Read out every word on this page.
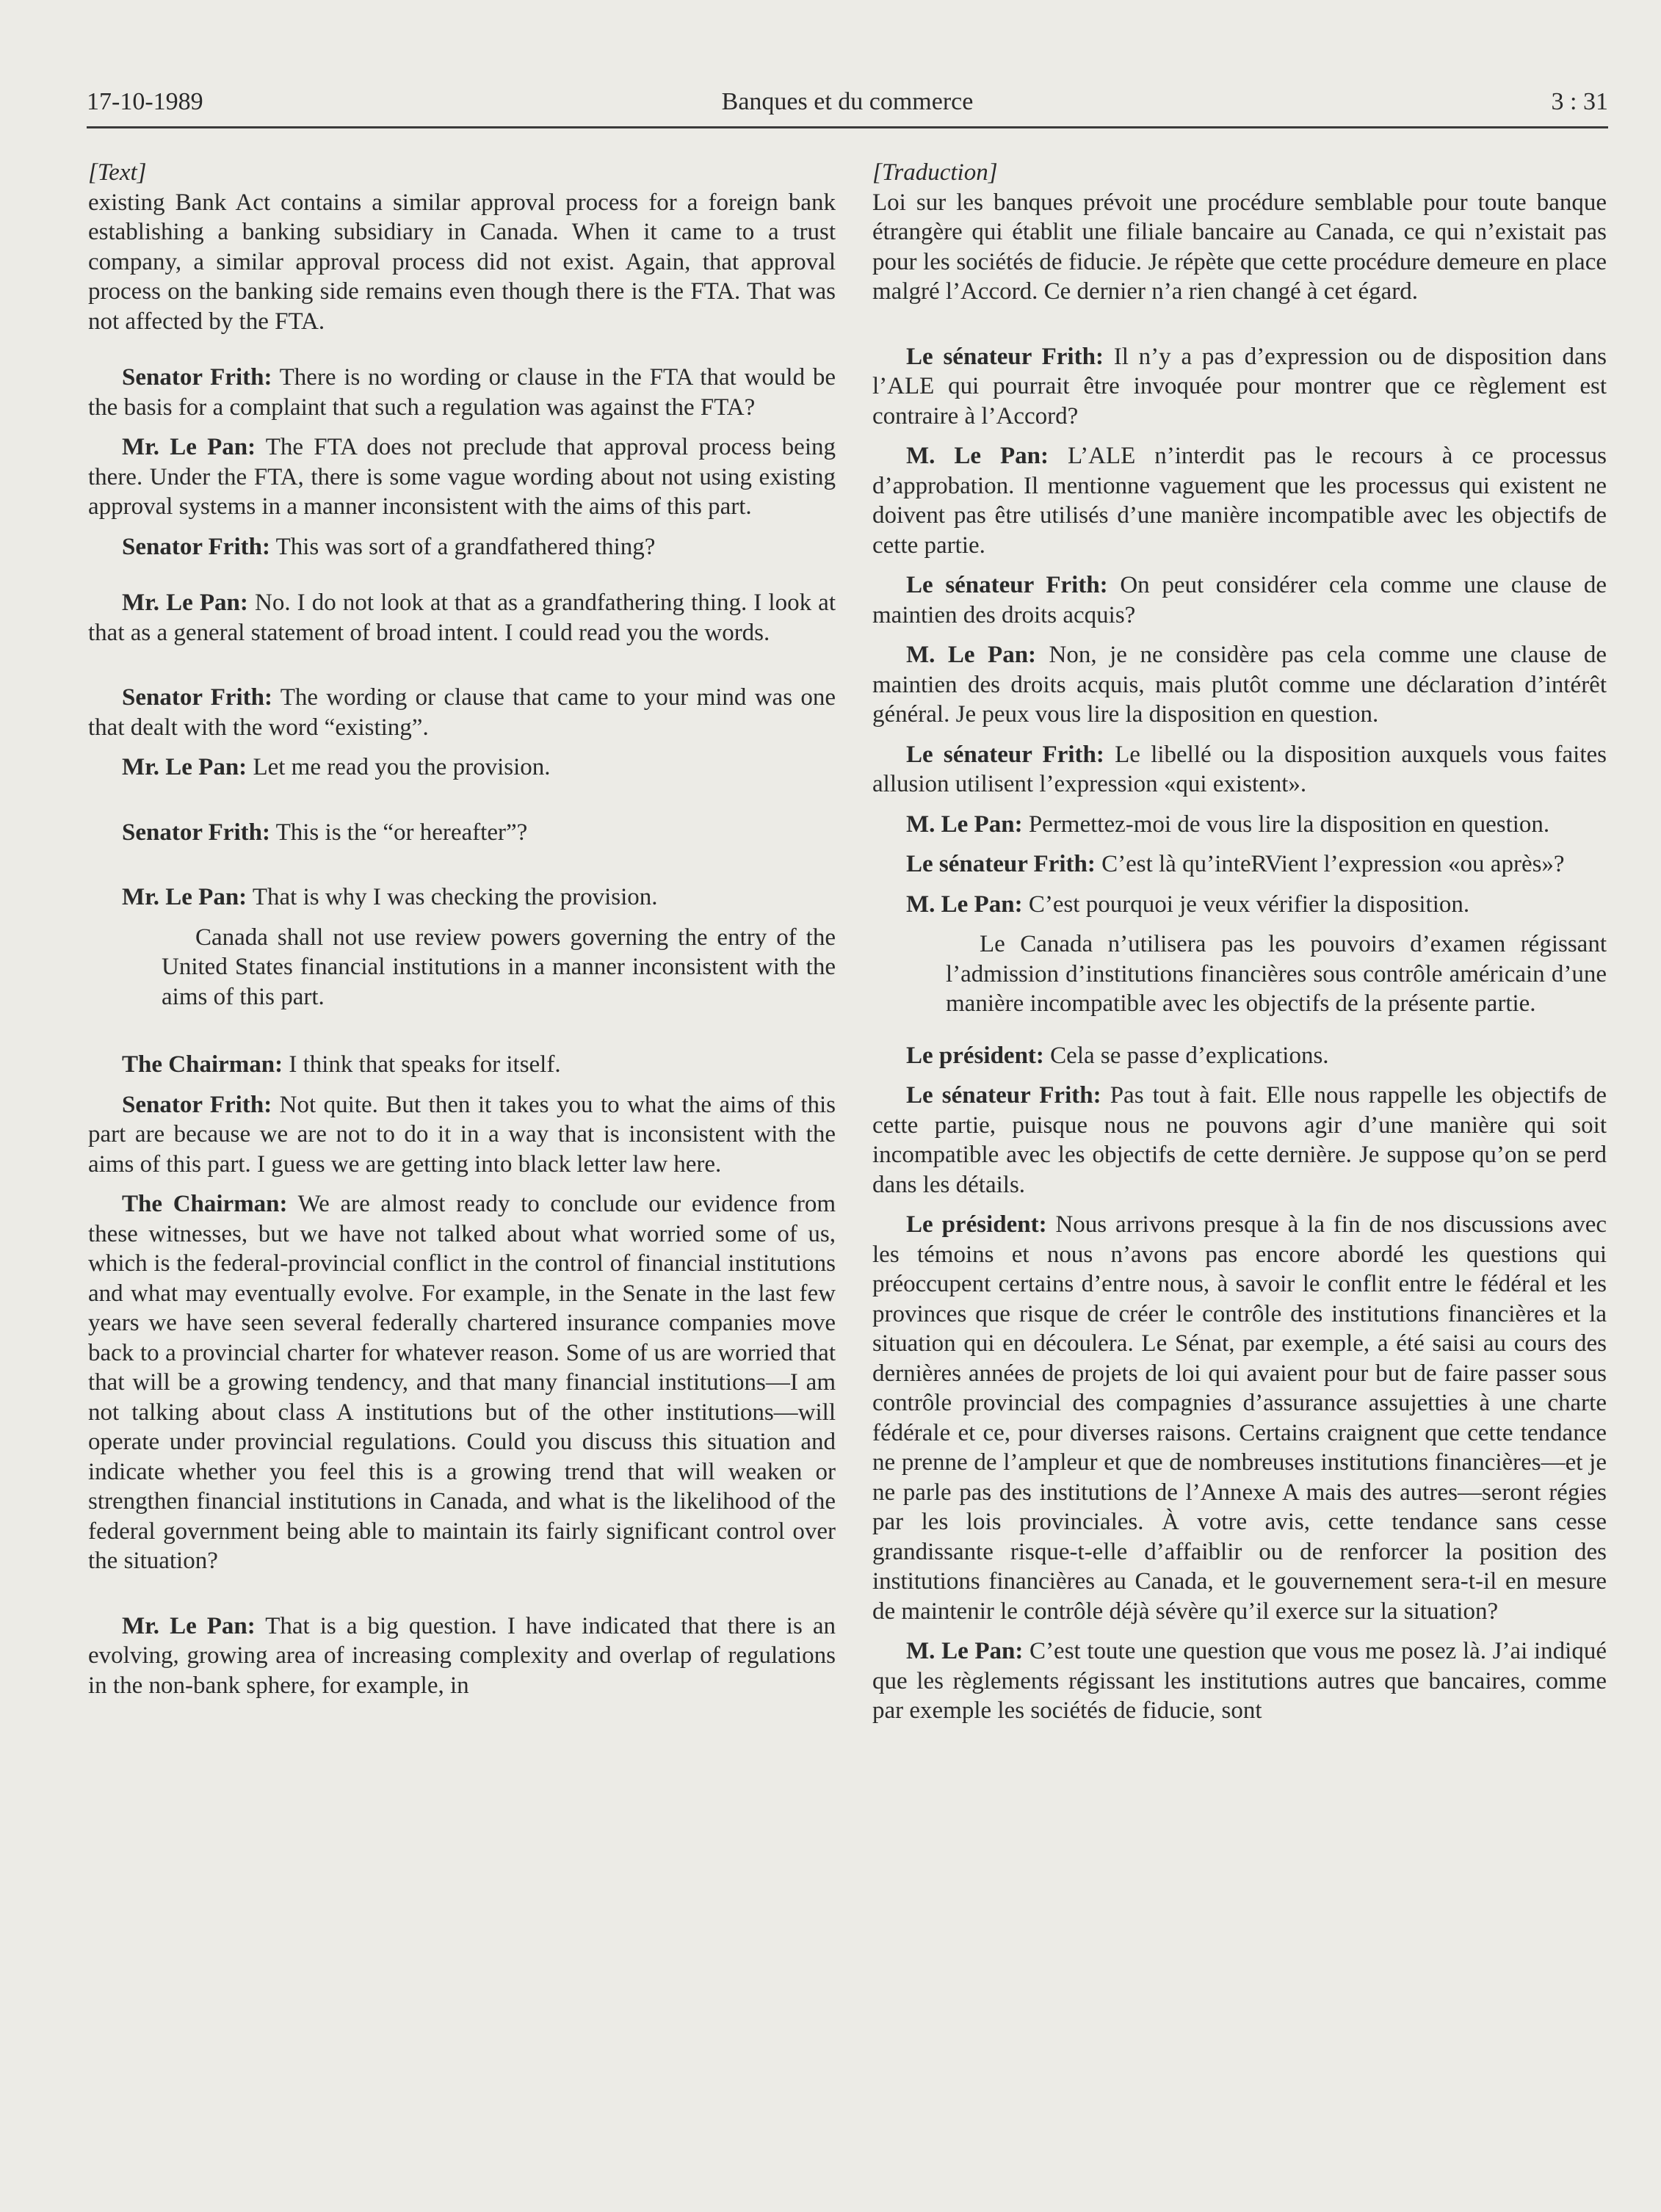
17-10-1989	Banques et du commerce	3 : 31
[Text]

existing Bank Act contains a similar approval process for a foreign bank establishing a banking subsidiary in Canada. When it came to a trust company, a similar approval process did not exist. Again, that approval process on the banking side remains even though there is the FTA. That was not affected by the FTA.

Senator Frith: There is no wording or clause in the FTA that would be the basis for a complaint that such a regulation was against the FTA?

Mr. Le Pan: The FTA does not preclude that approval process being there. Under the FTA, there is some vague wording about not using existing approval systems in a manner inconsistent with the aims of this part.

Senator Frith: This was sort of a grandfathered thing?

Mr. Le Pan: No. I do not look at that as a grandfathering thing. I look at that as a general statement of broad intent. I could read you the words.

Senator Frith: The wording or clause that came to your mind was one that dealt with the word “existing”.

Mr. Le Pan: Let me read you the provision.

Senator Frith: This is the “or hereafter”?

Mr. Le Pan: That is why I was checking the provision.

Canada shall not use review powers governing the entry of the United States financial institutions in a manner inconsistent with the aims of this part.

The Chairman: I think that speaks for itself.

Senator Frith: Not quite. But then it takes you to what the aims of this part are because we are not to do it in a way that is inconsistent with the aims of this part. I guess we are getting into black letter law here.

The Chairman: We are almost ready to conclude our evidence from these witnesses, but we have not talked about what worried some of us, which is the federal-provincial conflict in the control of financial institutions and what may eventually evolve. For example, in the Senate in the last few years we have seen several federally chartered insurance companies move back to a provincial charter for whatever reason. Some of us are worried that that will be a growing tendency, and that many financial institutions—I am not talking about class A institutions but of the other institutions—will operate under provincial regulations. Could you discuss this situation and indicate whether you feel this is a growing trend that will weaken or strengthen financial institutions in Canada, and what is the likelihood of the federal government being able to maintain its fairly significant control over the situation?

Mr. Le Pan: That is a big question. I have indicated that there is an evolving, growing area of increasing complexity and overlap of regulations in the non-bank sphere, for example, in

[Traduction]

Loi sur les banques prévoit une procédure semblable pour toute banque étrangère qui établit une filiale bancaire au Canada, ce qui n’existait pas pour les sociétés de fiducie. Je répète que cette procédure demeure en place malgré l’Accord. Ce dernier n’a rien changé à cet égard.

Le sénateur Frith: Il n’y a pas d’expression ou de disposition dans l’ALE qui pourrait être invoquée pour montrer que ce règlement est contraire à l’Accord?

M. Le Pan: L’ALE n’interdit pas le recours à ce processus d’approbation. Il mentionne vaguement que les processus qui existent ne doivent pas être utilisés d’une manière incompatible avec les objectifs de cette partie.

Le sénateur Frith: On peut considérer cela comme une clause de maintien des droits acquis?

M. Le Pan: Non, je ne considère pas cela comme une clause de maintien des droits acquis, mais plutôt comme une déclaration d’intérêt général. Je peux vous lire la disposition en question.

Le sénateur Frith: Le libellé ou la disposition auxquels vous faites allusion utilisent l’expression «qui existent».

M. Le Pan: Permettez-moi de vous lire la disposition en question.

Le sénateur Frith: C’est là qu’inteRVient l’expression «ou après»?

M. Le Pan: C’est pourquoi je veux vérifier la disposition.

Le Canada n’utilisera pas les pouvoirs d’examen régissant l’admission d’institutions financières sous contrôle américain d’une manière incompatible avec les objectifs de la présente partie.

Le président: Cela se passe d’explications.

Le sénateur Frith: Pas tout à fait. Elle nous rappelle les objectifs de cette partie, puisque nous ne pouvons agir d’une manière qui soit incompatible avec les objectifs de cette dernière. Je suppose qu’on se perd dans les détails.

Le président: Nous arrivons presque à la fin de nos discussions avec les témoins et nous n’avons pas encore abordé les questions qui préoccupent certains d’entre nous, à savoir le conflit entre le fédéral et les provinces que risque de créer le contrôle des institutions financières et la situation qui en découlera. Le Sénat, par exemple, a été saisi au cours des dernières années de projets de loi qui avaient pour but de faire passer sous contrôle provincial des compagnies d’assurance assujetties à une charte fédérale et ce, pour diverses raisons. Certains craignent que cette tendance ne prenne de l’ampleur et que de nombreuses institutions financières—et je ne parle pas des institutions de l’Annexe A mais des autres—seront régies par les lois provinciales. À votre avis, cette tendance sans cesse grandissante risque-t-elle d’affaiblir ou de renforcer la position des institutions financières au Canada, et le gouvernement sera-t-il en mesure de maintenir le contrôle déjà sévère qu’il exerce sur la situation?

M. Le Pan: C’est toute une question que vous me posez là. J’ai indiqué que les règlements régissant les institutions autres que bancaires, comme par exemple les sociétés de fiducie, sont
